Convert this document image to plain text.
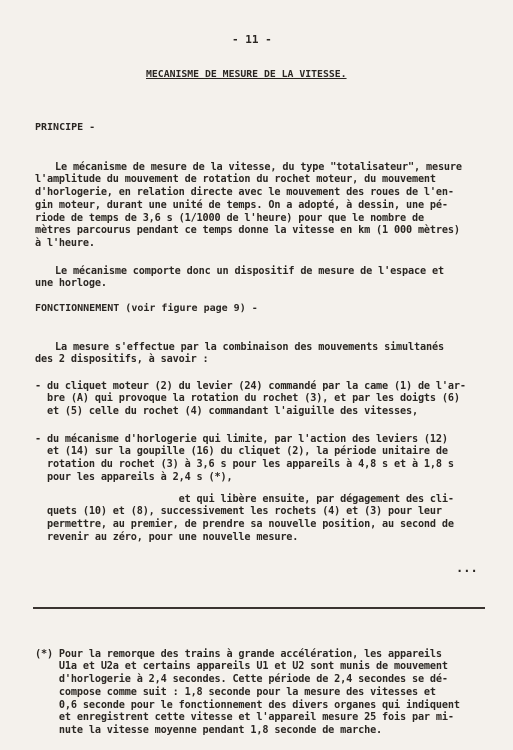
- 11 -
MECANISME DE MESURE DE LA VITESSE.
PRINCIPE -

Le mécanisme de mesure de la vitesse, du type "totalisateur", mesure
l'amplitude du mouvement de rotation du rochet moteur, du mouvement
d'horlogerie, en relation directe avec le mouvement des roues de l'en-
gin moteur, durant une unité de temps. On a adopté, à dessin, une pé-
riode de temps de 3,6 s (1/1000 de l'heure) pour que le nombre de
mètres parcourus pendant ce temps donne la vitesse en km (1 000 mètres)
à l'heure.

Le mécanisme comporte donc un dispositif de mesure de l'espace et
une horloge.
FONCTIONNEMENT (voir figure page 9) -

La mesure s'effectue par la combinaison des mouvements simultanés
des 2 dispositifs, à savoir :

- du cliquet moteur (2) du levier (24) commandé par la came (1) de l'ar-
bre (A) qui provoque la rotation du rochet (3), et par les doigts (6)
et (5) celle du rochet (4) commandant l'aiguille des vitesses,

- du mécanisme d'horlogerie qui limite, par l'action des leviers (12)
et (14) sur la goupille (16) du cliquet (2), la période unitaire de
rotation du rochet (3) à 3,6 s pour les appareils à 4,8 s et à 1,8 s
pour les appareils à 2,4 s (*),

et qui libère ensuite, par dégagement des cli-
quets (10) et (8), successivement les rochets (4) et (3) pour leur
permettre, au premier, de prendre sa nouvelle position, au second de
revenir au zéro, pour une nouvelle mesure.
...

(*) Pour la remorque des trains à grande accélération, les appareils
U1a et U2a et certains appareils U1 et U2 sont munis de mouvement
d'horlogerie à 2,4 secondes. Cette période de 2,4 secondes se dé-
compose comme suit : 1,8 seconde pour la mesure des vitesses et
0,6 seconde pour le fonctionnement des divers organes qui indiquent
et enregistrent cette vitesse et l'appareil mesure 25 fois par mi-
nute la vitesse moyenne pendant 1,8 seconde de marche.
